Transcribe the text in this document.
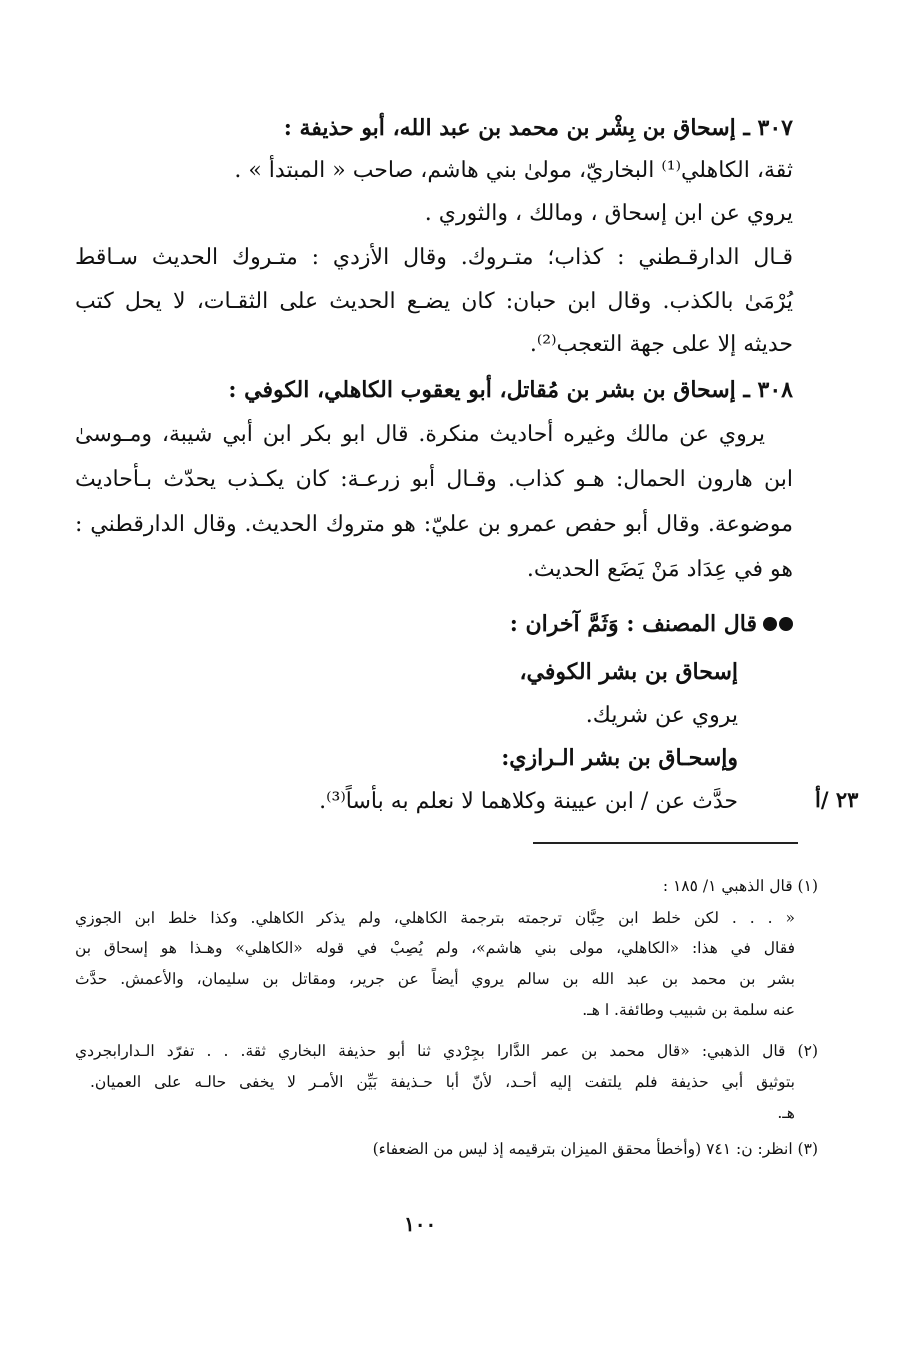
٣٠٧ ـ إسحاق بن بِشْر بن محمد بن عبد الله، أبو حذيفة :
ثقة، الكاهلي⁽¹⁾ البخاريّ، مولىٰ بني هاشم، صاحب « المبتدأ » .
يروي عن ابن إسحاق ، ومالك ، والثوري .
قـال الدارقـطني : كذاب؛ متـروك. وقال الأزدي : متـروك الحديث سـاقط
يُرْمَىٰ بالكذب. وقال ابن حبان: كان يضـع الحديث على الثقـات، لا يحل كتب
حديثه إلا على جهة التعجب⁽²⁾.
٣٠٨ ـ إسحاق بن بشر بن مُقاتل، أبو يعقوب الكاهلي، الكوفي :
يروي عن مالك وغيره أحاديث منكرة. قال ابو بكر ابن أبي شيبة، ومـوسىٰ
ابن هارون الحمال: هـو كذاب. وقـال أبو زرعـة: كان يكـذب يحدّث بـأحاديث
موضوعة. وقال أبو حفص عمرو بن عليّ: هو متروك الحديث. وقال الدارقطني :
هو في عِدَاد مَنْ يَضَع الحديث.
قال المصنف : وَثَمَّ آخران :
إسحاق بن بشر الكوفي،
يروي عن شريك.
وإسحـاق بن بشر الـرازي:
حدَّث عن / ابن عيينة وكلاهما لا نعلم به بأساً⁽³⁾.	٢٣ /أ
(١) قال الذهبي ١/ ١٨٥ :
« . . . لكن خلط ابن حِبَّان ترجمته بترجمة الكاهلي، ولم يذكر الكاهلي. وكذا خلط ابن الجوزي
فقال في هذا: «الكاهلي، مولى بني هاشم»، ولم يُصِبْ في قوله «الكاهلي» وهـذا هو إسحاق بن
بشر بن محمد بن عبد الله بن سالم يروي أيضاً عن جرير، ومقاتل بن سليمان، والأعمش. حدَّث
عنه سلمة بن شبيب وطائفة. ا هـ.
(٢) قال الذهبي: «قال محمد بن عمر الدَّارا بجِرْدي ثنا أبو حذيفة البخاري ثقة. . . تفرّد الـدارابجردي
بتوثيق أبي حذيفة فلم يلتفت إليه أحـد، لأنّ أبا حـذيفة بَيِّن الأمـر لا يخفى حالـه على العميان.
هـ.
(٣) انظر: ن: ٧٤١ (وأخطأ محقق الميزان بترقيمه إذ ليس من الضعفاء)
١٠٠
